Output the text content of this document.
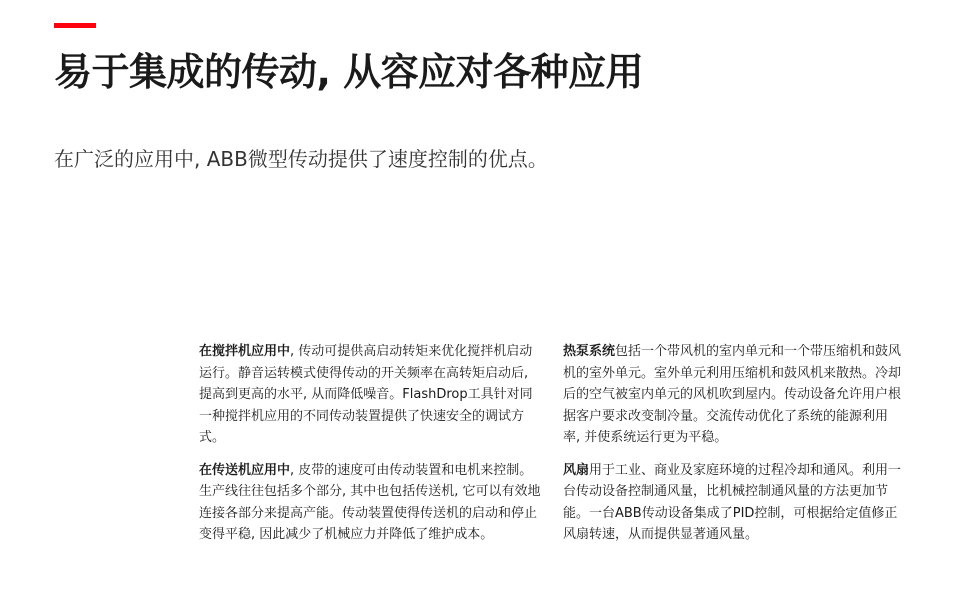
易于集成的传动, 从容应对各种应用

在广泛的应用中, ABB微型传动提供了速度控制的优点。

在搅拌机应用中, 传动可提供高启动转矩来优化搅拌机启动运行。静音运转模式使得传动的开关频率在高转矩启动后, 提高到更高的水平, 从而降低噪音。FlashDrop工具针对同一种搅拌机应用的不同传动装置提供了快速安全的调试方式。

在传送机应用中, 皮带的速度可由传动装置和电机来控制。生产线往往包括多个部分, 其中也包括传送机, 它可以有效地连接各部分来提高产能。传动装置使得传送机的启动和停止变得平稳, 因此减少了机械应力并降低了维护成本。

热泵系统包括一个带风机的室内单元和一个带压缩机和鼓风机的室外单元。室外单元利用压缩机和鼓风机来散热。冷却后的空气被室内单元的风机吹到屋内。传动设备允许用户根据客户要求改变制冷量。交流传动优化了系统的能源利用率, 并使系统运行更为平稳。

风扇用于工业、商业及家庭环境的过程冷却和通风。利用一台传动设备控制通风量，比机械控制通风量的方法更加节能。一台ABB传动设备集成了PID控制，可根据给定值修正风扇转速，从而提供显著通风量。
